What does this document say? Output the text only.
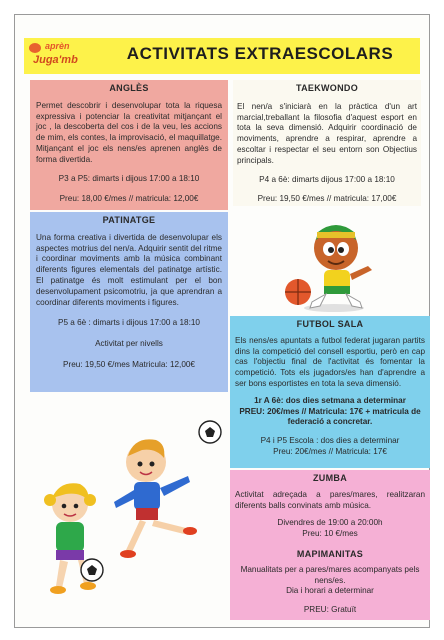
aprèn
Juga'mb	ACTIVITATS EXTRAESCOLARS
ANGLÈS

Permet descobrir i desenvolupar tota la riquesa expressiva i potenciar la creativitat mitjançant el joc , la descoberta del cos i de la veu, les accions de mim, els contes, la improvisació, el maquillatge. Mitjançant el joc els nens/es aprenen anglès de forma divertida.

P3 a P5: dimarts i dijous 17:00 a 18:10

Preu: 18,00 €/mes // matricula: 12,00€

TAEKWONDO

El nen/a s'iniciarà en la pràctica d'un art marcial,treballant la filosofia d'aquest esport en tota la seva dimensió. Adquirir coordinació de moviments, aprendre a respirar, aprendre a escoltar i respectar el seu entorn son Objectius principals.

P4 a 6è: dimarts dijous 17:00 a 18:10

Preu: 19,50 €/mes // matricula: 17,00€

PATINATGE

Una forma creativa i divertida de desenvolupar els aspectes motrius del nen/a. Adquirir sentit del ritme i coordinar moviments amb la música combinant diferents figures elementals del patinatge artístic. El patinatge és molt estimulant per el bon desenvolupament psicomotriu, ja que aprendran a coordinar diferents moviments i figures.

P5 a 6è : dimarts i dijous 17:00 a 18:10

Activitat per nivells

Preu: 19,50 €/mes Matricula: 12,00€

FUTBOL SALA

Els nens/es apuntats a futbol federat jugaran partits dins la competició del consell esportiu, però en cap cas l'objectiu final de l'activitat és fomentar la competició. Tots els jugadors/es han d'aprendre a ser bons esportistes en tota la seva dimensió.

1r A 6è: dos dies setmana a determinar

PREU: 20€/mes // Matricula: 17€ + matricula de federació a concretar.

P4 i P5 Escola : dos dies a determinar

Preu: 20€/mes // Matricula: 17€

ZUMBA

Activitat adreçada a pares/mares, realitzaran diferents balls convinats amb música.

Divendres de 19:00 a 20:00h

Preu: 10 €/mes

MAPIMANITAS

Manualitats per a pares/mares acompanyats pels nens/es.

Dia i horari a determinar

PREU: Gratuït
